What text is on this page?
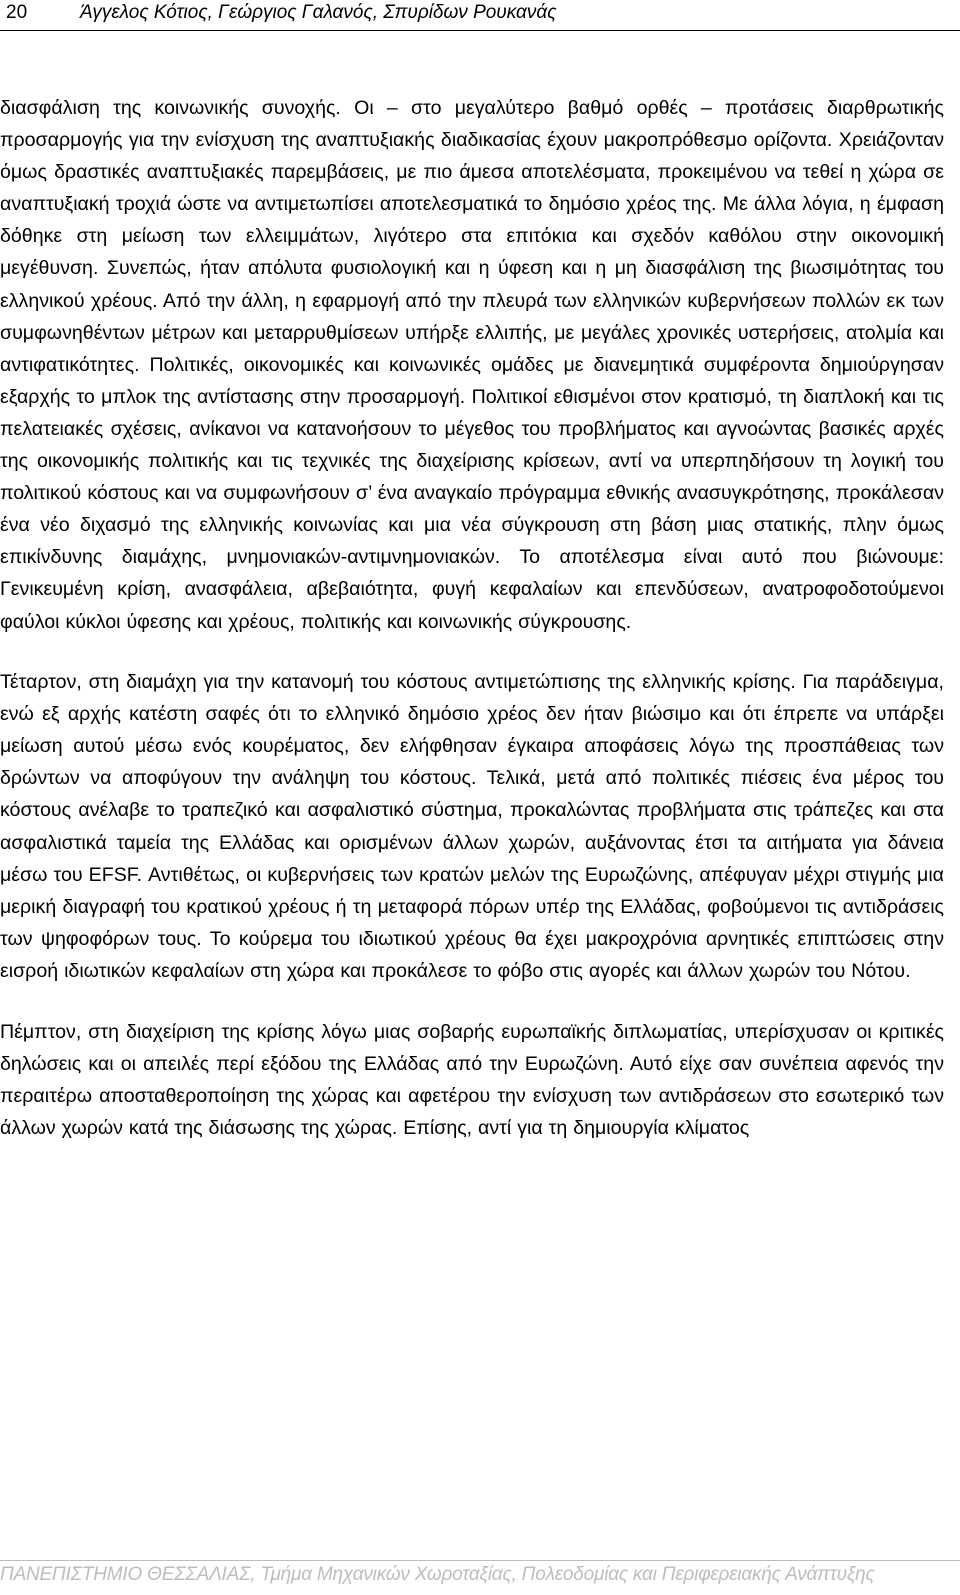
20	Άγγελος Κότιος, Γεώργιος Γαλανός, Σπυρίδων Ρουκανάς

διασφάλιση της κοινωνικής συνοχής. Οι – στο μεγαλύτερο βαθμό ορθές – προτάσεις διαρθρωτικής προσαρμογής για την ενίσχυση της αναπτυξιακής διαδικασίας έχουν μακροπρόθεσμο ορίζοντα. Χρειάζονταν όμως δραστικές αναπτυξιακές παρεμβάσεις, με πιο άμεσα αποτελέσματα, προκειμένου να τεθεί η χώρα σε αναπτυξιακή τροχιά ώστε να αντιμετωπίσει αποτελεσματικά το δημόσιο χρέος της. Με άλλα λόγια, η έμφαση δόθηκε στη μείωση των ελλειμμάτων, λιγότερο στα επιτόκια και σχεδόν καθόλου στην οικονομική μεγέθυνση. Συνεπώς, ήταν απόλυτα φυσιολογική και η ύφεση και η μη διασφάλιση της βιωσιμότητας του ελληνικού χρέους. Από την άλλη, η εφαρμογή από την πλευρά των ελληνικών κυβερνήσεων πολλών εκ των συμφωνηθέντων μέτρων και μεταρρυθμίσεων υπήρξε ελλιπής, με μεγάλες χρονικές υστερήσεις, ατολμία και αντιφατικότητες. Πολιτικές, οικονομικές και κοινωνικές ομάδες με διανεμητικά συμφέροντα δημιούργησαν εξαρχής το μπλοκ της αντίστασης στην προσαρμογή. Πολιτικοί εθισμένοι στον κρατισμό, τη διαπλοκή και τις πελατειακές σχέσεις, ανίκανοι να κατανοήσουν το μέγεθος του προβλήματος και αγνοώντας βασικές αρχές της οικονομικής πολιτικής και τις τεχνικές της διαχείρισης κρίσεων, αντί να υπερπηδήσουν τη λογική του πολιτικού κόστους και να συμφωνήσουν σ’ ένα αναγκαίο πρόγραμμα εθνικής ανασυγκρότησης, προκάλεσαν ένα νέο διχασμό της ελληνικής κοινωνίας και μια νέα σύγκρουση στη βάση μιας στατικής, πλην όμως επικίνδυνης διαμάχης, μνημονιακών-αντιμνημονιακών. Το αποτέλεσμα είναι αυτό που βιώνουμε: Γενικευμένη κρίση, ανασφάλεια, αβεβαιότητα, φυγή κεφαλαίων και επενδύσεων, ανατροφοδοτούμενοι φαύλοι κύκλοι ύφεσης και χρέους, πολιτικής και κοινωνικής σύγκρουσης.

Τέταρτον, στη διαμάχη για την κατανομή του κόστους αντιμετώπισης της ελληνικής κρίσης. Για παράδειγμα, ενώ εξ αρχής κατέστη σαφές ότι το ελληνικό δημόσιο χρέος δεν ήταν βιώσιμο και ότι έπρεπε να υπάρξει μείωση αυτού μέσω ενός κουρέματος, δεν ελήφθησαν έγκαιρα αποφάσεις λόγω της προσπάθειας των δρώντων να αποφύγουν την ανάληψη του κόστους. Τελικά, μετά από πολιτικές πιέσεις ένα μέρος του κόστους ανέλαβε το τραπεζικό και ασφαλιστικό σύστημα, προκαλώντας προβλήματα στις τράπεζες και στα ασφαλιστικά ταμεία της Ελλάδας και ορισμένων άλλων χωρών, αυξάνοντας έτσι τα αιτήματα για δάνεια μέσω του EFSF. Αντιθέτως, οι κυβερνήσεις των κρατών μελών της Ευρωζώνης, απέφυγαν μέχρι στιγμής μια μερική διαγραφή του κρατικού χρέους ή τη μεταφορά πόρων υπέρ της Ελλάδας, φοβούμενοι τις αντιδράσεις των ψηφοφόρων τους. Το κούρεμα του ιδιωτικού χρέους θα έχει μακροχρόνια αρνητικές επιπτώσεις στην εισροή ιδιωτικών κεφαλαίων στη χώρα και προκάλεσε το φόβο στις αγορές και άλλων χωρών του Νότου.

Πέμπτον, στη διαχείριση της κρίσης λόγω μιας σοβαρής ευρωπαϊκής διπλωματίας, υπερίσχυσαν οι κριτικές δηλώσεις και οι απειλές περί εξόδου της Ελλάδας από την Ευρωζώνη. Αυτό είχε σαν συνέπεια αφενός την περαιτέρω αποσταθεροποίηση της χώρας και αφετέρου την ενίσχυση των αντιδράσεων στο εσωτερικό των άλλων χωρών κατά της διάσωσης της χώρας. Επίσης, αντί για τη δημιουργία κλίματος

ΠΑΝΕΠΙΣΤΗΜΙΟ ΘΕΣΣΑΛΙΑΣ, Τμήμα Μηχανικών Χωροταξίας, Πολεοδομίας και Περιφερειακής Ανάπτυξης
